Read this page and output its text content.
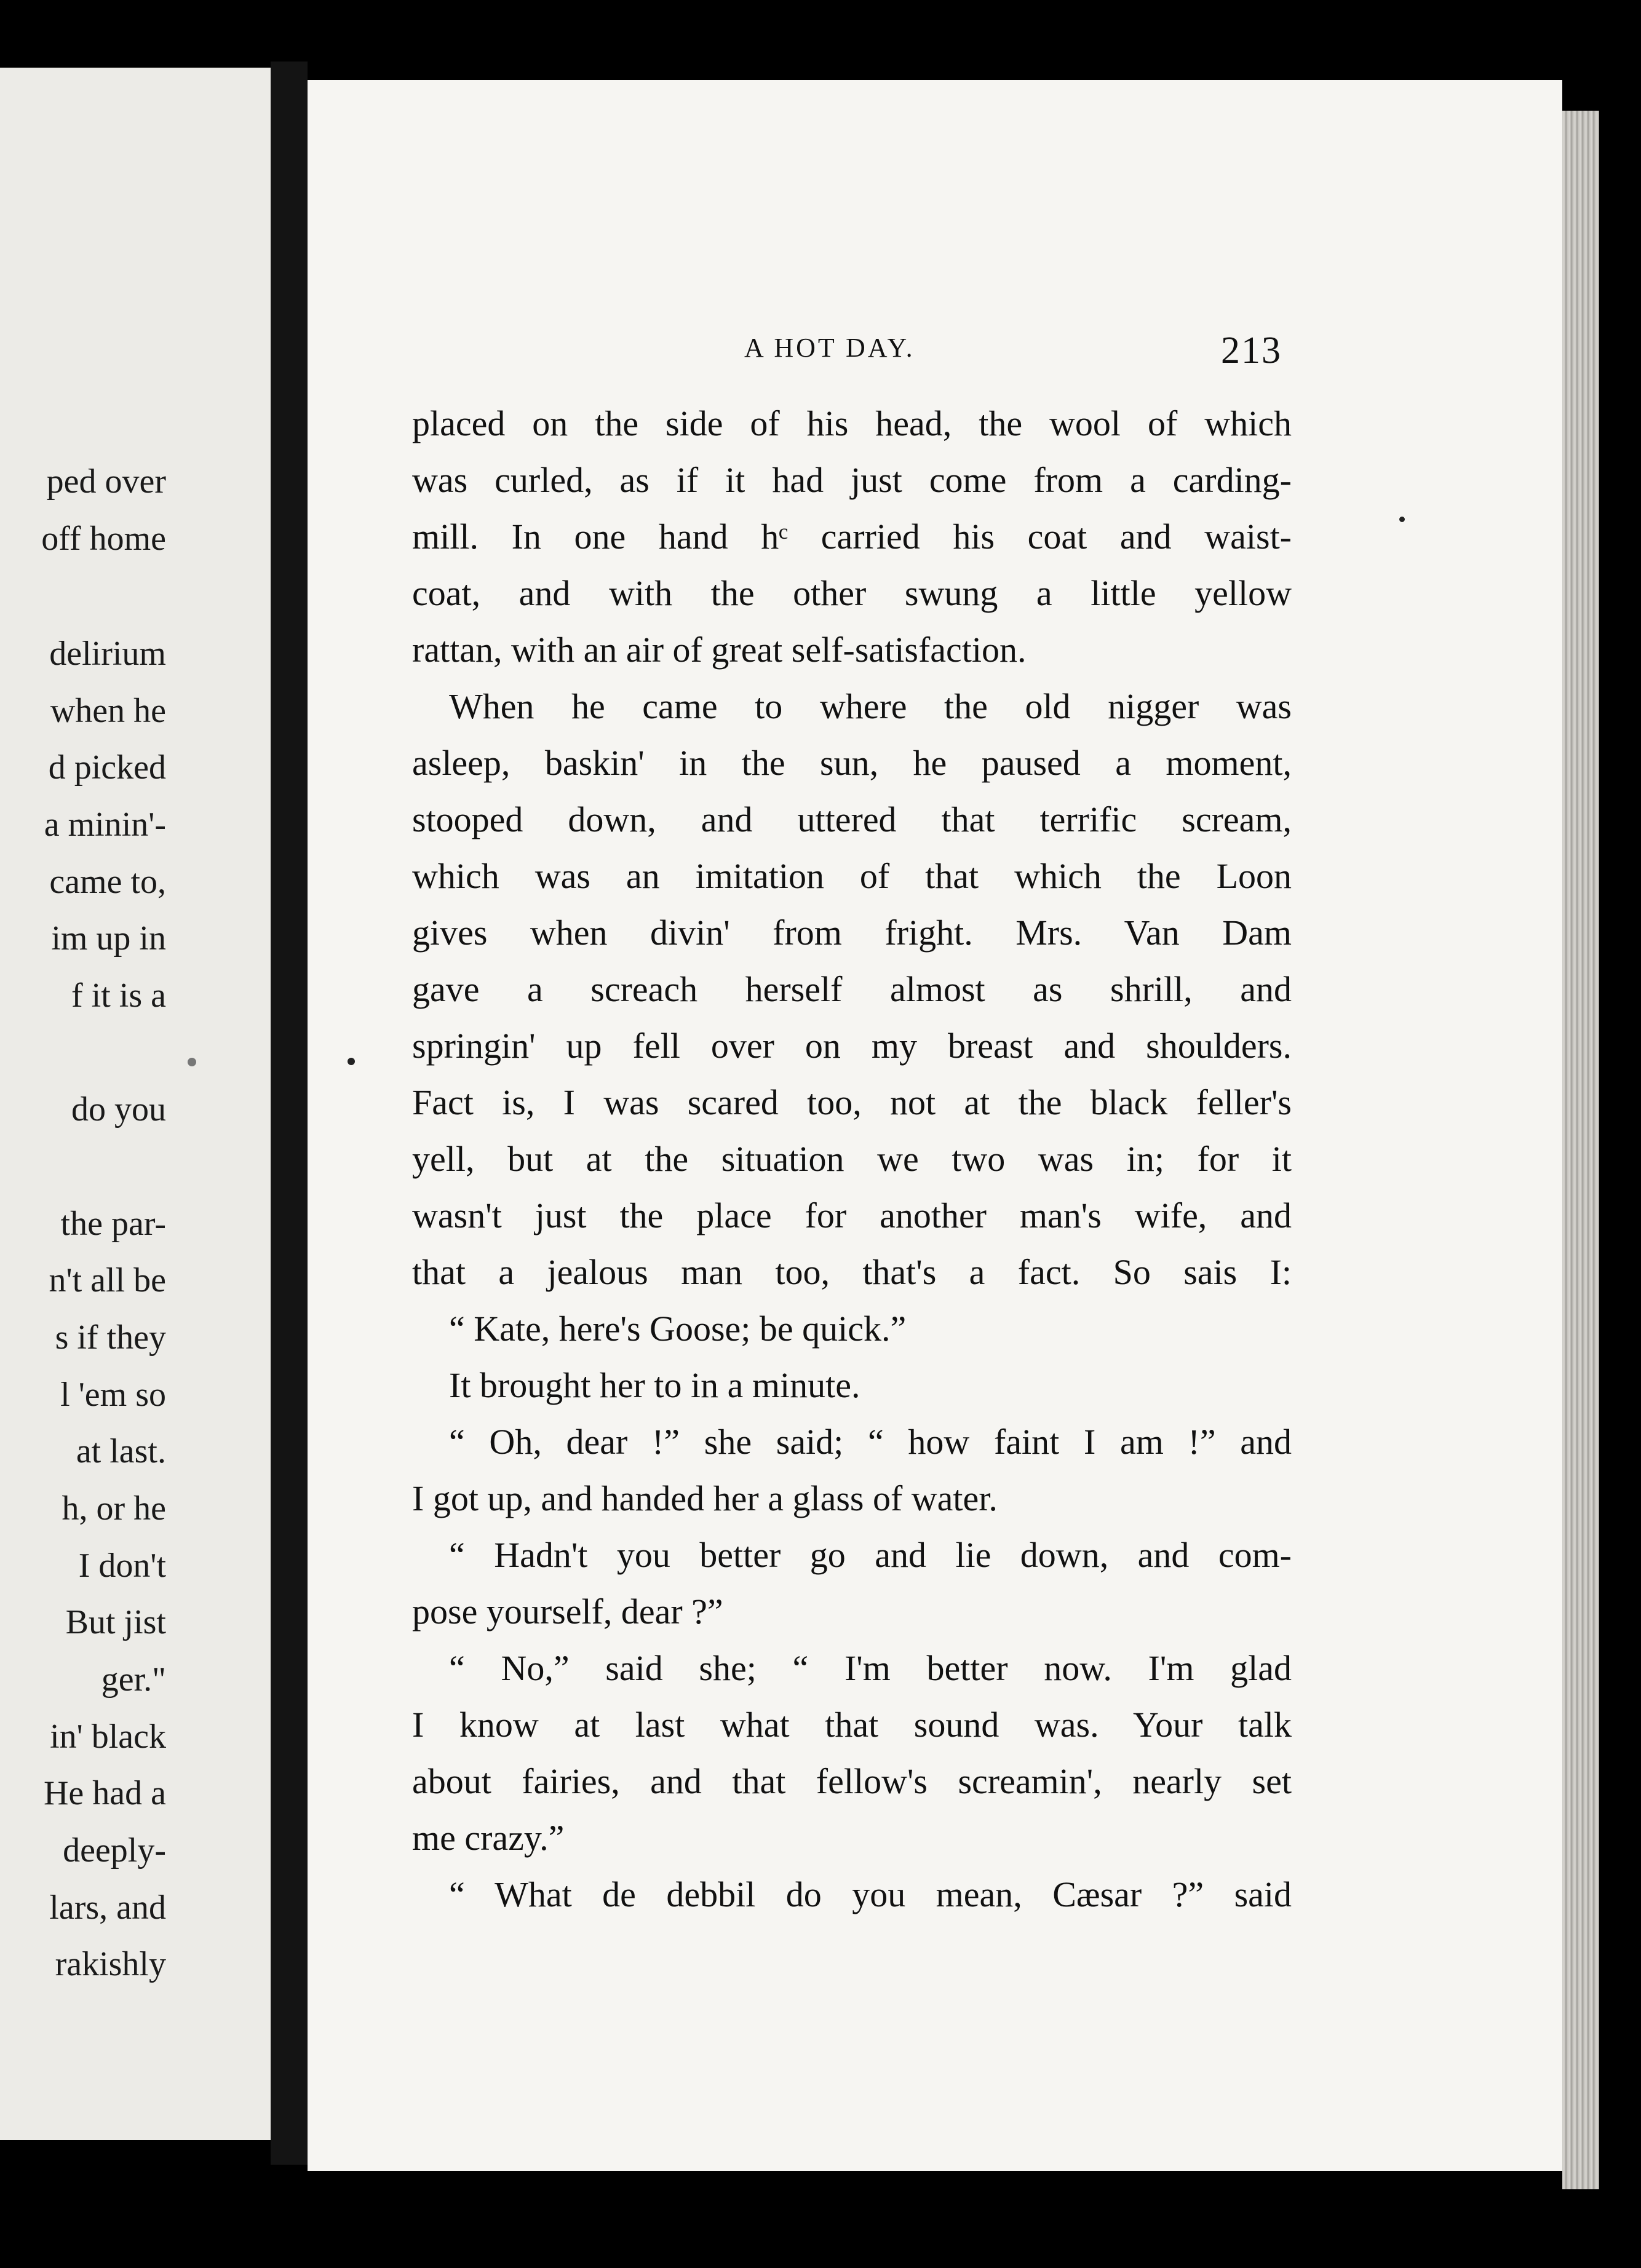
ped over
off home
delirium
when he
d picked
a minin'-
came to,
im up in
f it is a
do you
the par-
n't all be
s if they
l 'em so
at last.
h, or he
I don't
But jist
ger."
in' black
He had a
deeply-
lars, and
rakishly
A HOT DAY.	213
placed on the side of his head, the wool of which
was curled, as if it had just come from a carding-
mill. In one hand hᶜ carried his coat and waist-
coat, and with the other swung a little yellow
rattan, with an air of great self-satisfaction.
When he came to where the old nigger was
asleep, baskin' in the sun, he paused a moment,
stooped down, and uttered that terrific scream,
which was an imitation of that which the Loon
gives when divin' from fright. Mrs. Van Dam
gave a screach herself almost as shrill, and
springin' up fell over on my breast and shoulders.
Fact is, I was scared too, not at the black feller's
yell, but at the situation we two was in; for it
wasn't just the place for another man's wife, and
that a jealous man too, that's a fact. So sais I:
“ Kate, here's Goose; be quick.”
It brought her to in a minute.
“ Oh, dear !” she said; “ how faint I am !” and
I got up, and handed her a glass of water.
“ Hadn't you better go and lie down, and com-
pose yourself, dear ?”
“ No,” said she; “ I'm better now. I'm glad
I know at last what that sound was. Your talk
about fairies, and that fellow's screamin', nearly set
me crazy.”
“ What de debbil do you mean, Cæsar ?” said
